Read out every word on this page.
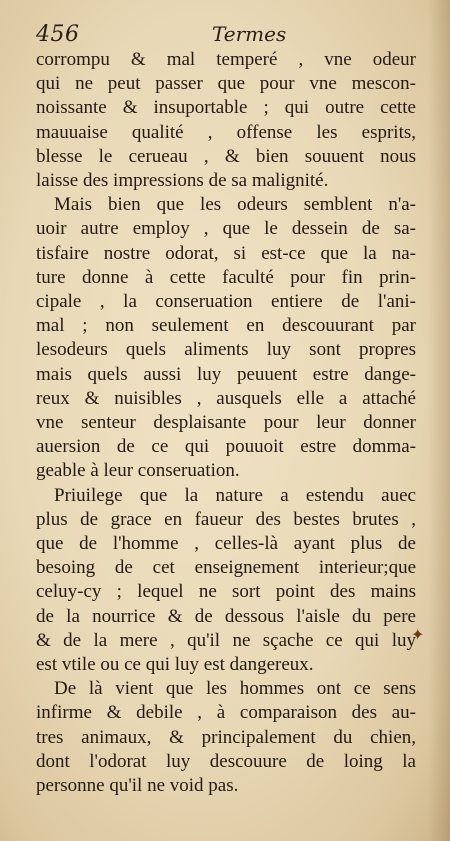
456	Termes
corrompu & mal temperé , vne odeur
qui ne peut passer que pour vne mescon-
noissante & insuportable ; qui outre cette
mauuaise qualité , offense les esprits,
blesse le cerueau , & bien souuent nous
laisse des impressions de sa malignité.
Mais bien que les odeurs semblent n'a-
uoir autre employ , que le dessein de sa-
tisfaire nostre odorat, si est-ce que la na-
ture donne à cette faculté pour fin prin-
cipale , la conseruation entiere de l'ani-
mal ; non seulement en descouurant par
lesodeurs quels aliments luy sont propres
mais quels aussi luy peuuent estre dange-
reux & nuisibles , ausquels elle a attaché
vne senteur desplaisante pour leur donner
auersion de ce qui pouuoit estre domma-
geable à leur conseruation.
Priuilege que la nature a estendu auec
plus de grace en faueur des bestes brutes ,
que de l'homme , celles-là ayant plus de
besoing de cet enseignement interieur;que
celuy-cy ; lequel ne sort point des mains
de la nourrice & de dessous l'aisle du pere
& de la mere , qu'il ne sçache ce qui luy
est vtile ou ce qui luy est dangereux.
De là vient que les hommes ont ce sens
infirme & debile , à comparaison des au-
tres animaux, & principalement du chien,
dont l'odorat luy descouure de loing la
personne qu'il ne void pas.
✦
